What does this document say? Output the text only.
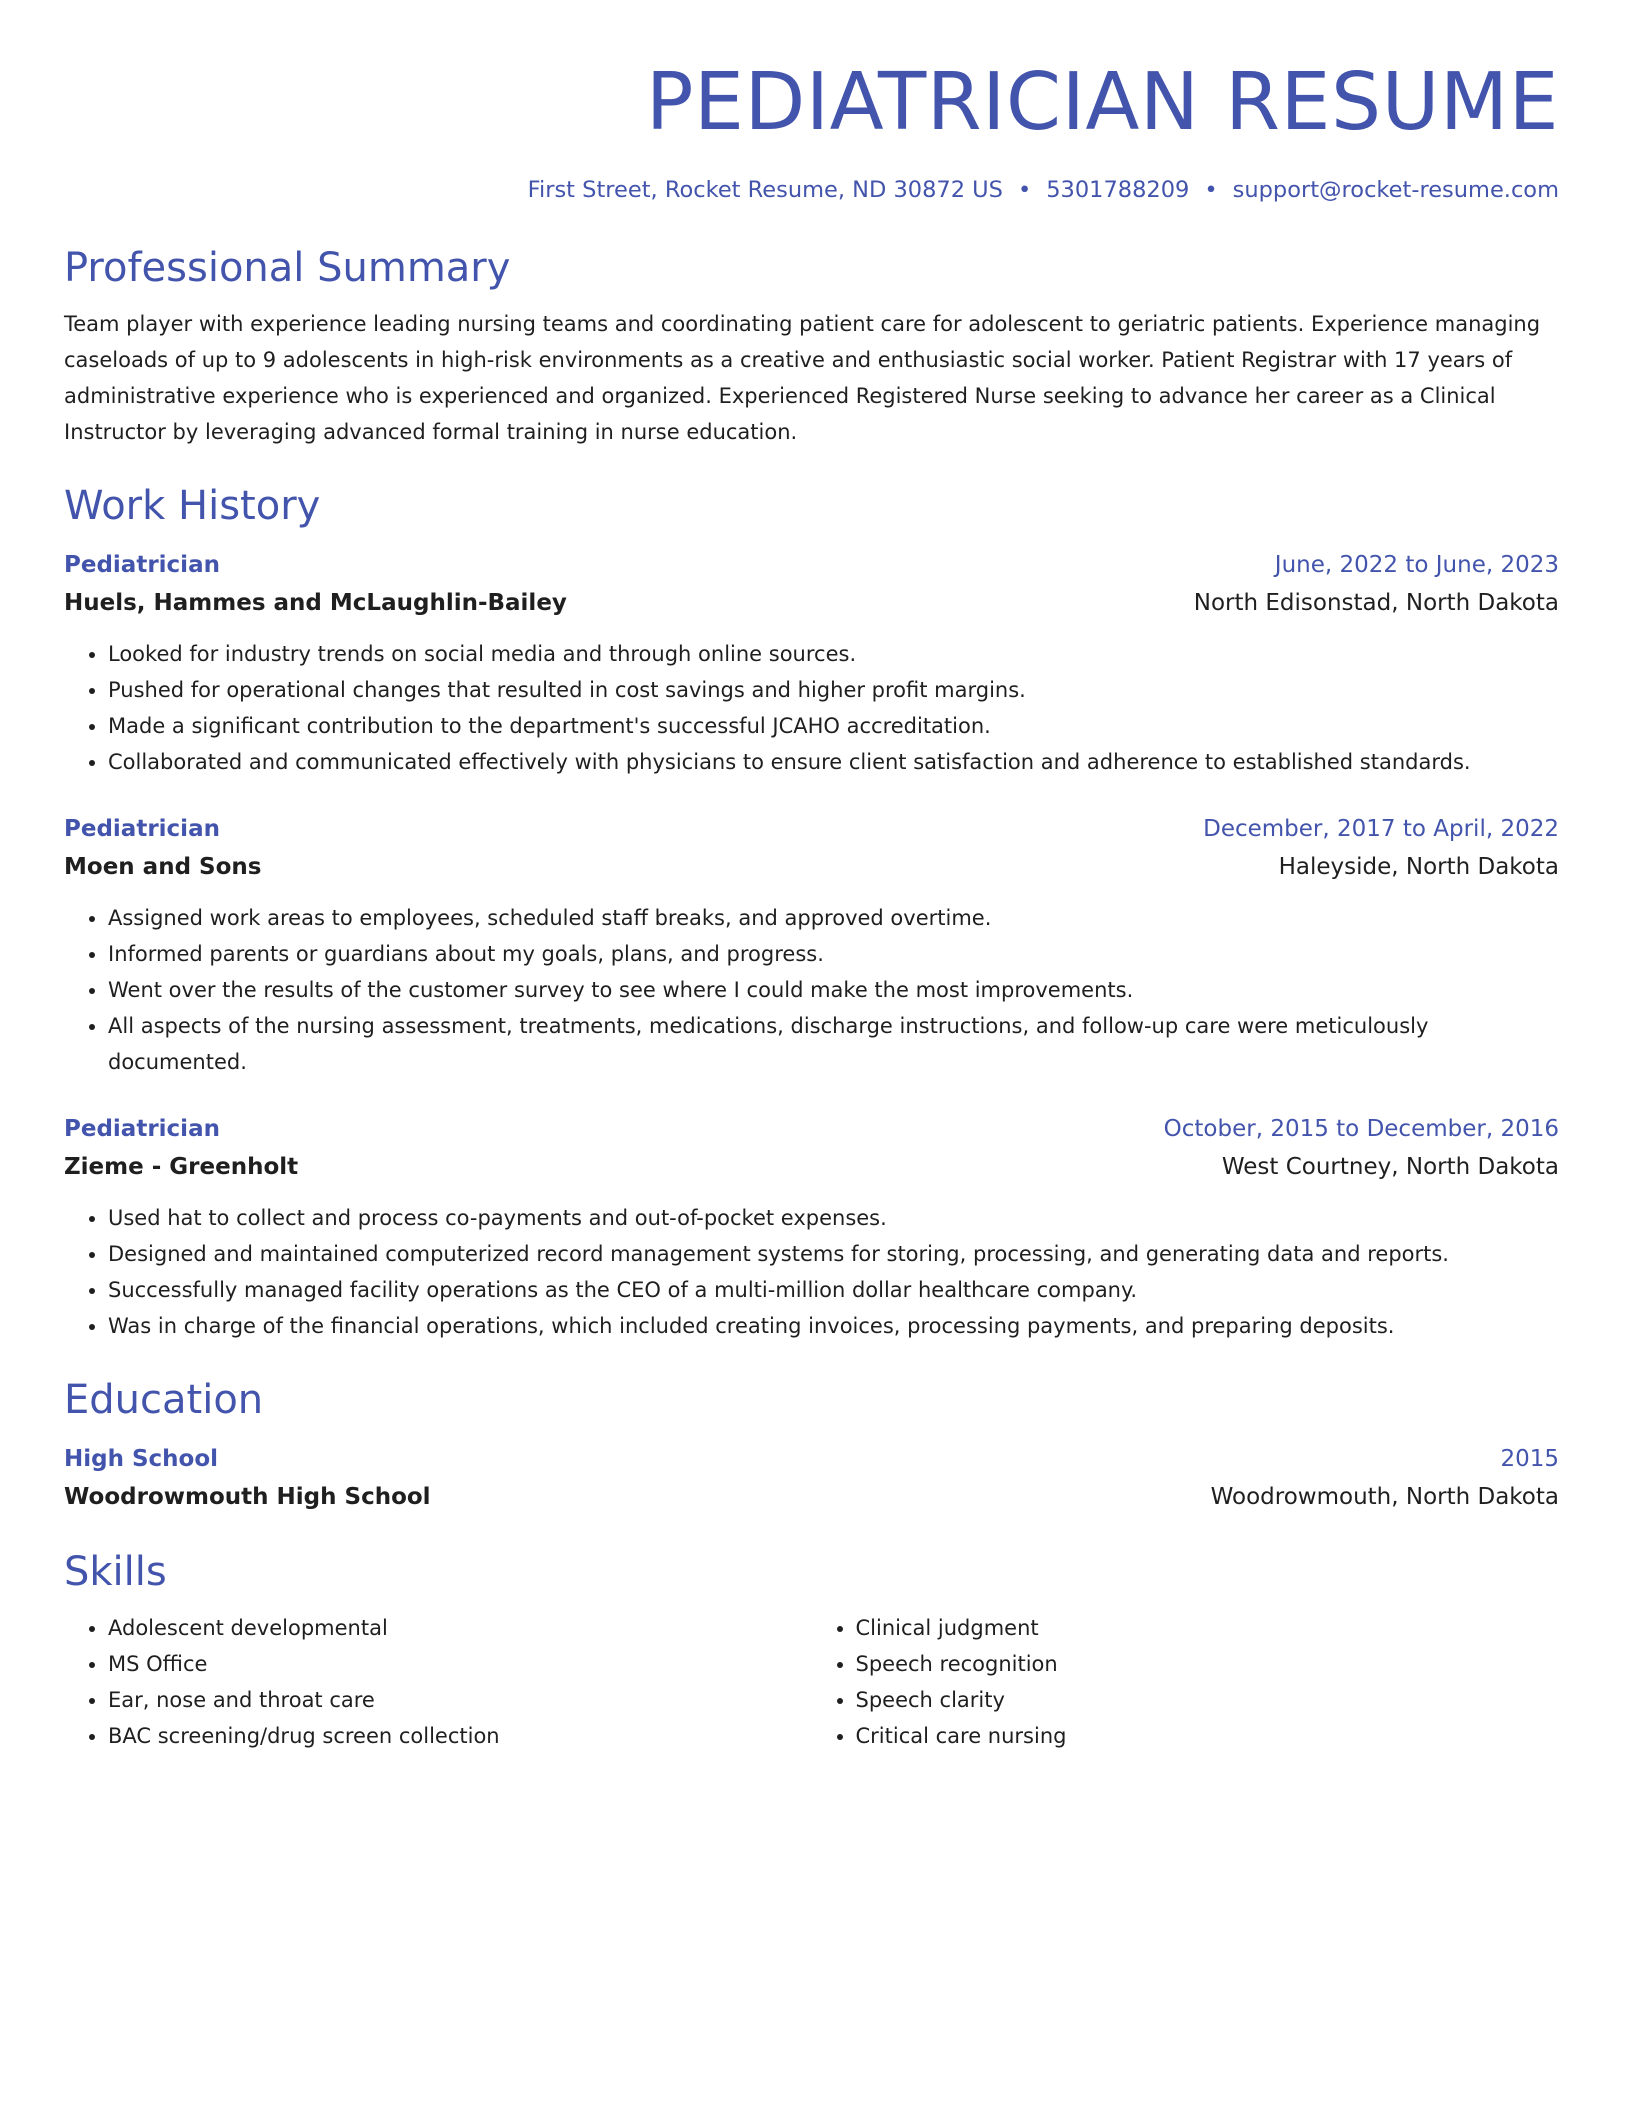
PEDIATRICIAN RESUME
First Street, Rocket Resume, ND 30872 US • 5301788209 • support@rocket-resume.com
Professional Summary
Team player with experience leading nursing teams and coordinating patient care for adolescent to geriatric patients. Experience managing caseloads of up to 9 adolescents in high-risk environments as a creative and enthusiastic social worker. Patient Registrar with 17 years of administrative experience who is experienced and organized. Experienced Registered Nurse seeking to advance her career as a Clinical Instructor by leveraging advanced formal training in nurse education.
Work History
Pediatrician	June, 2022 to June, 2023
Huels, Hammes and McLaughlin-Bailey	North Edisonstad, North Dakota
• Looked for industry trends on social media and through online sources.
• Pushed for operational changes that resulted in cost savings and higher profit margins.
• Made a significant contribution to the department's successful JCAHO accreditation.
• Collaborated and communicated effectively with physicians to ensure client satisfaction and adherence to established standards.
Pediatrician	December, 2017 to April, 2022
Moen and Sons	Haleyside, North Dakota
• Assigned work areas to employees, scheduled staff breaks, and approved overtime.
• Informed parents or guardians about my goals, plans, and progress.
• Went over the results of the customer survey to see where I could make the most improvements.
• All aspects of the nursing assessment, treatments, medications, discharge instructions, and follow-up care were meticulously documented.
Pediatrician	October, 2015 to December, 2016
Zieme - Greenholt	West Courtney, North Dakota
• Used hat to collect and process co-payments and out-of-pocket expenses.
• Designed and maintained computerized record management systems for storing, processing, and generating data and reports.
• Successfully managed facility operations as the CEO of a multi-million dollar healthcare company.
• Was in charge of the financial operations, which included creating invoices, processing payments, and preparing deposits.
Education
High School	2015
Woodrowmouth High School	Woodrowmouth, North Dakota
Skills
• Adolescent developmental
• MS Office
• Ear, nose and throat care
• BAC screening/drug screen collection
• Clinical judgment
• Speech recognition
• Speech clarity
• Critical care nursing
